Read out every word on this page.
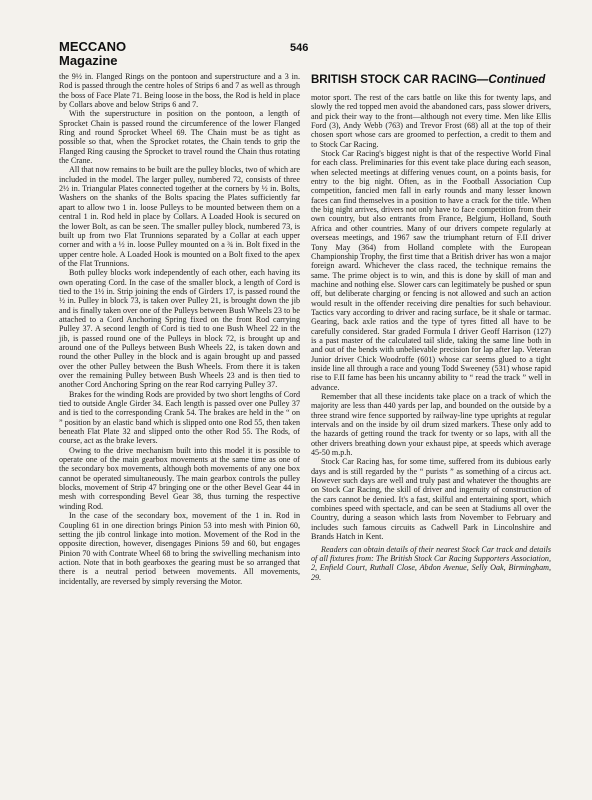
MECCANO
Magazine
546

the 9½ in. Flanged Rings on the pontoon and superstructure and a 3 in. Rod is passed through the centre holes of Strips 6 and 7 as well as through the boss of Face Plate 71. Being loose in the boss, the Rod is held in place by Collars above and below Strips 6 and 7.

With the superstructure in position on the pontoon, a length of Sprocket Chain is passed round the circumference of the lower Flanged Ring and round Sprocket Wheel 69. The Chain must be as tight as possible so that, when the Sprocket rotates, the Chain tends to grip the Flanged Ring causing the Sprocket to travel round the Chain thus rotating the Crane.

All that now remains to be built are the pulley blocks, two of which are included in the model. The larger pulley, numbered 72, consists of three 2½ in. Triangular Plates connected together at the corners by ½ in. Bolts, Washers on the shanks of the Bolts spacing the Plates sufficiently far apart to allow two 1 in. loose Pulleys to be mounted between them on a central 1 in. Rod held in place by Collars. A Loaded Hook is secured on the lower Bolt, as can be seen. The smaller pulley block, numbered 73, is built up from two Flat Trunnions separated by a Collar at each upper corner and with a ½ in. loose Pulley mounted on a ¾ in. Bolt fixed in the upper centre hole. A Loaded Hook is mounted on a Bolt fixed to the apex of the Flat Trunnions.

Both pulley blocks work independently of each other, each having its own operating Cord. In the case of the smaller block, a length of Cord is tied to the 1½ in. Strip joining the ends of Girders 17, is passed round the ½ in. Pulley in block 73, is taken over Pulley 21, is brought down the jib and is finally taken over one of the Pulleys between Bush Wheels 23 to be attached to a Cord Anchoring Spring fixed on the front Rod carrying Pulley 37. A second length of Cord is tied to one Bush Wheel 22 in the jib, is passed round one of the Pulleys in block 72, is brought up and around one of the Pulleys between Bush Wheels 22, is taken down and round the other Pulley in the block and is again brought up and passed over the other Pulley between the Bush Wheels. From there it is taken over the remaining Pulley between Bush Wheels 23 and is then tied to another Cord Anchoring Spring on the rear Rod carrying Pulley 37.

Brakes for the winding Rods are provided by two short lengths of Cord tied to outside Angle Girder 34. Each length is passed over one Pulley 37 and is tied to the corresponding Crank 54. The brakes are held in the “ on ” position by an elastic band which is slipped onto one Rod 55, then taken beneath Flat Plate 32 and slipped onto the other Rod 55. The Rods, of course, act as the brake levers.

Owing to the drive mechanism built into this model it is possible to operate one of the main gearbox movements at the same time as one of the secondary box movements, although both movements of any one box cannot be operated simultaneously. The main gearbox controls the pulley blocks, movement of Strip 47 bringing one or the other Bevel Gear 44 in mesh with corresponding Bevel Gear 38, thus turning the respective winding Rod.

In the case of the secondary box, movement of the 1 in. Rod in Coupling 61 in one direction brings Pinion 53 into mesh with Pinion 60, setting the jib control linkage into motion. Movement of the Rod in the opposite direction, however, disengages Pinions 59 and 60, but engages Pinion 70 with Contrate Wheel 68 to bring the swivelling mechanism into action. Note that in both gearboxes the gearing must be so arranged that there is a neutral period between movements. All movements, incidentally, are reversed by simply reversing the Motor.

BRITISH STOCK CAR RACING—Continued

motor sport. The rest of the cars battle on like this for twenty laps, and slowly the red topped men avoid the abandoned cars, pass slower drivers, and pick their way to the front—although not every time. Men like Ellis Ford (3), Andy Webb (763) and Trevor Frost (68) all at the top of their chosen sport whose cars are groomed to perfection, a credit to them and to Stock Car Racing.

Stock Car Racing's biggest night is that of the respective World Final for each class. Preliminaries for this event take place during each season, when selected meetings at differing venues count, on a points basis, for entry to the big night. Often, as in the Football Association Cup competition, fancied men fall in early rounds and many lesser known faces can find themselves in a position to have a crack for the title. When the big night arrives, drivers not only have to face competition from their own country, but also entrants from France, Belgium, Holland, South Africa and other countries. Many of our drivers compete regularly at overseas meetings, and 1967 saw the triumphant return of F.II driver Tony May (364) from Holland complete with the European Championship Trophy, the first time that a British driver has won a major foreign award. Whichever the class raced, the technique remains the same. The prime object is to win, and this is done by skill of man and machine and nothing else. Slower cars can legitimately be pushed or spun off, but deliberate charging or fencing is not allowed and such an action would result in the offender receiving dire penalties for such behaviour. Tactics vary according to driver and racing surface, be it shale or tarmac. Gearing, back axle ratios and the type of tyres fitted all have to be carefully considered. Star graded Formula I driver Geoff Harrison (127) is a past master of the calculated tail slide, taking the same line both in and out of the bends with unbelievable precision for lap after lap. Veteran Junior driver Chick Woodroffe (601) whose car seems glued to a tight inside line all through a race and young Todd Sweeney (531) whose rapid rise to F.II fame has been his uncanny ability to “ read the track ” well in advance.

Remember that all these incidents take place on a track of which the majority are less than 440 yards per lap, and bounded on the outside by a three strand wire fence supported by railway-line type uprights at regular intervals and on the inside by oil drum sized markers. These only add to the hazards of getting round the track for twenty or so laps, with all the other drivers breathing down your exhaust pipe, at speeds which average 45-50 m.p.h.

Stock Car Racing has, for some time, suffered from its dubious early days and is still regarded by the “ purists ” as something of a circus act. However such days are well and truly past and whatever the thoughts are on Stock Car Racing, the skill of driver and ingenuity of construction of the cars cannot be denied. It's a fast, skilful and entertaining sport, which combines speed with spectacle, and can be seen at Stadiums all over the Country, during a season which lasts from November to February and includes such famous circuits as Cadwell Park in Lincolnshire and Brands Hatch in Kent.

Readers can obtain details of their nearest Stock Car track and details of all fixtures from: The British Stock Car Racing Supporters Association, 2, Enfield Court, Ruthall Close, Abdon Avenue, Selly Oak, Birmingham, 29.
